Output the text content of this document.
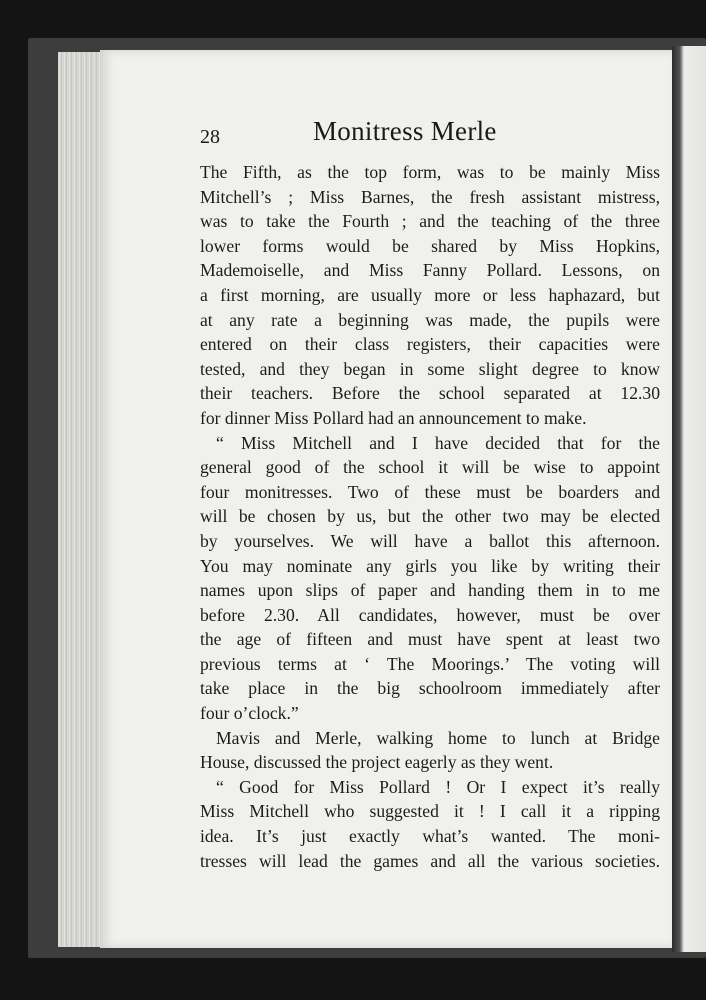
28	Monitress Merle
The Fifth, as the top form, was to be mainly Miss
Mitchell’s ; Miss Barnes, the fresh assistant mistress,
was to take the Fourth ; and the teaching of the three
lower forms would be shared by Miss Hopkins,
Mademoiselle, and Miss Fanny Pollard. Lessons, on
a first morning, are usually more or less haphazard, but
at any rate a beginning was made, the pupils were
entered on their class registers, their capacities were
tested, and they began in some slight degree to know
their teachers. Before the school separated at 12.30
for dinner Miss Pollard had an announcement to make.
“ Miss Mitchell and I have decided that for the
general good of the school it will be wise to appoint
four monitresses. Two of these must be boarders and
will be chosen by us, but the other two may be elected
by yourselves. We will have a ballot this afternoon.
You may nominate any girls you like by writing their
names upon slips of paper and handing them in to me
before 2.30. All candidates, however, must be over
the age of fifteen and must have spent at least two
previous terms at ‘ The Moorings.’ The voting will
take place in the big schoolroom immediately after
four o’clock.”
Mavis and Merle, walking home to lunch at Bridge
House, discussed the project eagerly as they went.
“ Good for Miss Pollard ! Or I expect it’s really
Miss Mitchell who suggested it ! I call it a ripping
idea. It’s just exactly what’s wanted. The moni-
tresses will lead the games and all the various societies.
